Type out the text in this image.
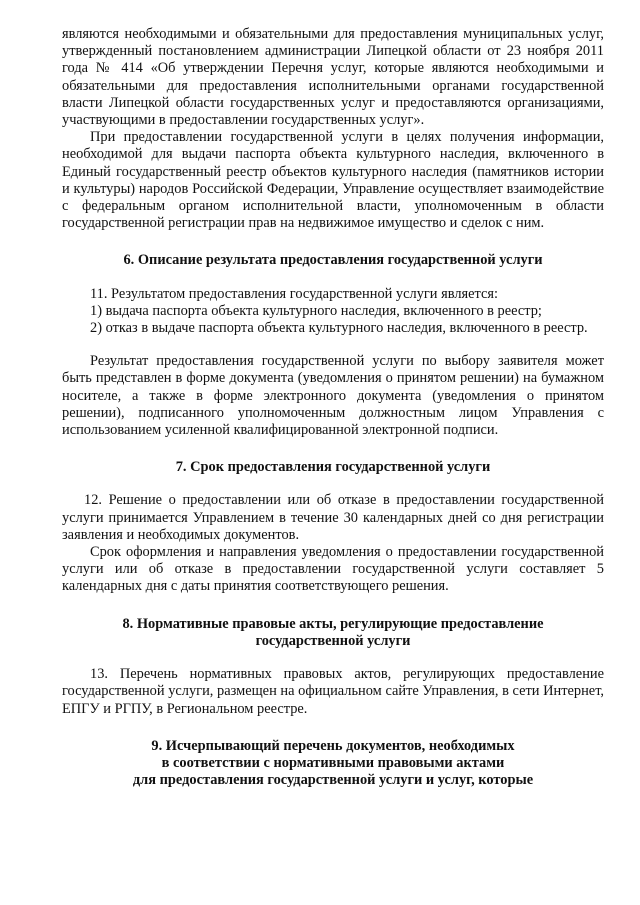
являются необходимыми и обязательными для предоставления муниципальных услуг, утвержденный постановлением администрации Липецкой области от 23 ноября 2011 года № 414 «Об утверждении Перечня услуг, которые являются необходимыми и обязательными для предоставления исполнительными органами государственной власти Липецкой области государственных услуг и предоставляются организациями, участвующими в предоставлении государственных услуг».

При предоставлении государственной услуги в целях получения информации, необходимой для выдачи паспорта объекта культурного наследия, включенного в Единый государственный реестр объектов культурного наследия (памятников истории и культуры) народов Российской Федерации, Управление осуществляет взаимодействие с федеральным органом исполнительной власти, уполномоченным в области государственной регистрации прав на недвижимое имущество и сделок с ним.

6. Описание результата предоставления государственной услуги

11. Результатом предоставления государственной услуги является:

1) выдача паспорта объекта культурного наследия, включенного в реестр;

2) отказ в выдаче паспорта объекта культурного наследия, включенного в реестр.

Результат предоставления государственной услуги по выбору заявителя может быть представлен в форме документа (уведомления о принятом решении) на бумажном носителе, а также в форме электронного документа (уведомления о принятом решении), подписанного уполномоченным должностным лицом Управления с использованием усиленной квалифицированной электронной подписи.

7. Срок предоставления государственной услуги

12. Решение о предоставлении или об отказе в предоставлении государственной услуги принимается Управлением в течение 30 календарных дней со дня регистрации заявления и необходимых документов.

Срок оформления и направления уведомления о предоставлении государственной услуги или об отказе в предоставлении государственной услуги составляет 5 календарных дня с даты принятия соответствующего решения.

8. Нормативные правовые акты, регулирующие предоставление
государственной услуги

13. Перечень нормативных правовых актов, регулирующих предоставление государственной услуги, размещен на официальном сайте Управления, в сети Интернет, ЕПГУ и РГПУ, в Региональном реестре.

9. Исчерпывающий перечень документов, необходимых
в соответствии с нормативными правовыми актами
для предоставления государственной услуги и услуг, которые
